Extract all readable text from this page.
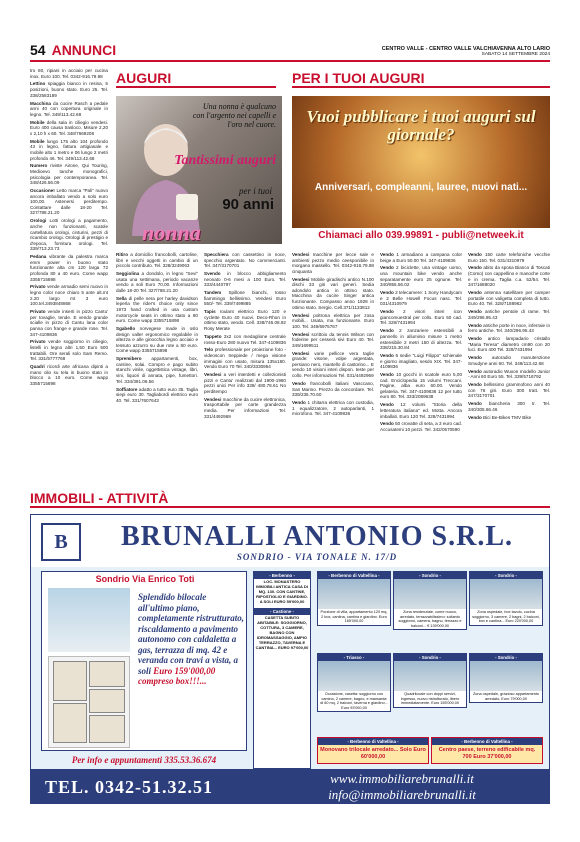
54 ANNUNCI	CENTRO VALLE - CENTRO VALLE VALCHIAVENNA ALTO LARIO
SABATO 14 SETTEMBRE 2024

tro 80, ripiani in acciaio per cucina inox. Euro 100. Tel. 0342-916.79.98

Lettino spiaggia bianco in resina, 5 posizioni, buono stato. Euro 25. Tel. 338/2583189

Macchina da cucire Rasch a pedale anni 40 con copertura originale in legno. Tel. 349/113.42.68

Mobile della sala in ciliegio vendesi. Euro 400 causa trasloco. Misure 2,20 x 2,10 h x 60. Tel. 348/7669208

Mobile lungo 175 alto 104 profondo 43 in legno, fattura artigianale e mobile alto 1 metro e 06 lungo 2 metri profondo 46. Tel. 349/113.42.68

Numero riviste Airone, Qui Touring, Medioevo tanche monografici, psicologia per contemporanea. Tel. 348/426.56.09

Occasione! Letto marca "Pali" nuovo ancora imballato vendo a solo euro 100,00. Astenersi perditempo. Contattare dalle 18-20 Tel. 327/788.21.20

Orologi Lotti orologi a pagamento, anche non funzionanti, scatole cartellatura orologi, cinturini, pezzi di ricambio orologi. Orologi di prestigio e d'epoca, fornitura orologi. Tel. 339/713.23.73

Pedana vibrante da palestra marca emm power in buono stato funzionante alta cm 120 larga 72 profonda 80 a 40 euro. Come wapp 3355715898

Privato vende armadio semi nuovo in legno color noce chiaro 5 ante alt.mt 2.20 largo mt 3 euro 100.tel.3493848868

Privato vende inserti in pizzo Cantu' per tovaglie, tende. E vendo grande scialle in pizzo di Cantu lana color panna con frange e grande rose. Tel. 347-4109836

Privato vende soggiorno in ciliegio, listelli in legno altri 1,50 Euro 500 trattabili. Ore serali solo Sam Remo. Tel. 331/5777768

Quadri ricordi arte africana dipinti a mano olio su tela in buono stato in blocco a 10 euro. Come wapp 3355715898

AUGURI
Una nonna è qualcuno con l'argento nei capelli e l'oro nel cuore.
Tantissimi auguri
per i tuoi
90 anni
nonna
PER I TUOI AUGURI
Vuoi pubblicare i tuoi auguri sul giornale?
Anniversari, compleanni, lauree, nuovi nati...
Chiamaci allo 039.99891 - publi@netweek.it

Ritiro a domicilio francobolli, cartoline, libri e vecchi oggetti in cambio di un piccolo contributo. Tel. 328/3249063

Seggiolina a dondolo, in legno "Sevi" usata una settimana, periodo vacanze vendo a soli Euro 70,00. Informazioni dalle 18-20 Tel. 327/788.21.20

Sella di pelle nera per harley davidson leperla the rider's choice only since 1973 hand crafted in usa custom motorcycle seats in ottimo stato a 80 euro. Come wapp 3355715898

Sgabello norvegese made in oslo design valler ergonomico regolabile in altezza e alle ginocchia legno acciaio e tessuto azzurro su due rote a 80 euro. Come wapp 3355715898

Spremibero appartamenti, box, cantine, solai. Compro e pago subito stanchi vinile, oggettistica vintage, libri, vini, liquori di annata, pipe, fumettori. Tel. 334/391.06.56

Soffiatore adatto a tutto euro 35. Taglia siepi euro 30. Tagliabordi elettrico euro 40. Tel. 331/7607643

Specchiera con cassettino in noce, specchio argentato. No commercianti. Tel. 347/3170701

Svendo in blocco abbigliamento neonato 0-6 mesi a 100 Euro. Tel. 333/4440797

Tandem Spillone bianchi, tosso fiammingo bellissimo. Vendesi Euro 550/- Tel. 339/7499885

Tapis roulant elettrico Euro 120 e cyclette Euro 40 nuovi. Deco-Rhon in ottimo stato, vendo. Cell. 338/746.08.92 Rosy Merate

Tappeto 3x2 con medaglione centrale rosso-Euro 280 nuovo Tel. 347-4109836

Telo professionale per proiezione foto - videoscon treppiede / mega visione immagini con usato, misura 135x180. Vendo Euro 70 Tel. 340/3330954

Vendesi a veri interdetti e collezionisti pizzi e Cantu' realizzati dal 1900-1960 pezzi unici Per info 338/ 480.78.61 No perditempo

Vendesi macchine da cucire elettronica, trasportabile per carte grandezza media. Per informazioni Tel. 331/4492969

Vendesi macchine per lecce sale e ambienti pezzo medio ceesponibile in morgano massello. Tel. 0342-916.79.98 cinquanta

Vendesi Mobile giradischi antico N.100 dischi 33 giri vari generi. Sedia adondolo antica in ottimo stato. Macchina da cucire Singer antica funzionante. Compasso anno 1928 in ottimo stato. Sergio. Cell.371/1133812

Vendesi poltrona elettrica per zosa mobili... Usata, ma funzionante. Euro 100. Tel. 349/6975767

Vendesi scrittoio da tennis Wilson con foderine per cesserà sivi Euro 40. Tel. 349/1699511

Vendesi varie pellicce vera taglie grande: visone, volpe argentata, persiano nero, mantello di castorino... E vendo 10 visioni interi dispon. teste per collo. Per informazioni Tel. 031/4492969

Vendo francobolli italiani Vasccano, San Marino. Prezzo da concordare. Tel. 339/236.70.60

Vendo 1 chitarra elettrica con custodia, 1 equalizzatore, 2 autoparlanti, 1 microfono. Tel. 347-4109836

Vendo 1 armadiano a campana color beige a Euro 50.00 Tel. 347-4109836

Vendo 2 biciclette, una vintage uomo, una mountain bike vendo anche separatamente euro 25 ognune. Tel. 340/855.56.02

Vendo 2 telecamere: 1 Sony Handycam e 2 Belle Howell Focus nasc. Tel. 031/4310979

Vendo 2 visori interi icon giancomuestral per collo. Euro 50 cad. Tel. 328/7431994

Vendo 2 zanzariere estensibili a pannello in alluminio misure 1 metro estensibile 2 metri 150 di altezza. Tel. 338/215.30.84

Vendo 6 sedie "Luigi Filippo" schienale e giorno imagliato, sesdo XIX. Tel. 347-4109836

Vendo 10 gocchi in scatole euro 5,00 cad. Enciclopedia 15 volumi Treccani. Pagine, alba euro 60.00. Vendo gelateria. Tel. 347-4109836 12 per tutto euro 80. Tel. 333/2089638

Vendo 12 volumi "Storia della letteratura italiana" ed. Motta. Ancora imballati. Euro 120 Tel. 328/7431994

Vendo 50 crovatte di seta, a 3 euro cad. Accusatemi 10 pezzi. Tel. 342/0570590

Vendo 150 carte telefoniche vecchie Euro 150. Tel. 031/4310979

Vendo abito da sposa Bianco di Toscati (Como) con cappellino e manoche corte e in crema. Taglia c.a. 52/54. Tel. 347/1688020

Vendo antenna satellitare per camper portatile con valigetta completa di tutto. Euro 40. Tel. 328/7188962

Vendo antiche pentole di rame. Tel. 349/296.95.43

Vendo antiche porte in noce, inferraie in ferro antiche. Tel. 340/296.95.43

Vendo antico lampadario cristallo "Maria Teresa" diametro cm90 con 20 luci. Euro 400 Tel. 328/7431994

Vendo autoradio manutenzione Smudyne anni 60. Tel. 349/113.42.68

Vendo autoradio Wuxon modello Junior - Anni 60 Euro 55. Tel. 339/5716792

Vendo bellissimo grammofono anni 40 con 76 giri. Euro 300 tratt. Tel. 347/3170701

Vendo biancheria 300 tr. Tel. 340/305.66.46

Vendo Bici Be-Bikes TMV Bike

IMMOBILI - ATTIVITÀ
B	BRUNALLI ANTONIO S.R.L.
SONDRIO - VIA TONALE N. 17/D
Sondrio Via Enrico Toti
Splendido bilocale all'ultimo piano, completamente ristrutturato, riscaldamento a pavimento autonomo con caldaletta a gas, terrazza di mq. 42 e veranda con travi a vista, a soli Euro 159'000,00 compreso box!!!...
Per info e appuntamenti 335.53.36.674
- Berbenno -
LOC. MONASTERO IMMOBILI ANTICA CASA DI MQ. 130. CON CANTINE, RIPOSTIGLIO E GIARDINO. A SOLI EURO 59'000,00
- Castione -
CASETTA SUBITO ABITABILE: SOGGIORNO, COTTURA, 3 CAMERE, BAGNO CON IDROMASSAGGIO, AMPIO TERRAZZO, TAVERNA E CANTINA... EURO 97'000,00
- Berbenno di Valtellina -
Porzione di villa, appartamento 120 mq, 2 box, cantina, cantina e giardino. Euro 165'000,00
- Sondrio -
Zona residenziale, come nuovo, arredato, terrazzabilissimo: soltanto soggiorno, camera, bagno, terrazzo e balconi... € 139'000,00
- Sondrio -
Zona ospedale, box tavolo, cucina soggiorno, 3 camere, 2 bagni, 2 balconi, box e cantina... Euro 220'000,00
- Triasso -
Occasione, casetta: soggiorno con camino, 2 camere, bagno, e mansarda di 60 mq, 2 balconi, taverna e giardino... Euro 93'000,00
- Sondrio -
Quadrilocale con doppi servizi, ingresso, nuovo ristrutturato, libero immediatamente. Euro 155'000,00
- Sondrio -
Zona ospedale, grazioso appartamento arredato, Euro 79'000,00
- Berbenno di Valtellina -
Monovano trilocale arredato... Solo Euro 60'000,00
- Berbenno di Valtellina -
Centro paese, terreno edificabile mq. 700 Euro 37'000,00
TEL. 0342-51.32.51	www.immobiliarebrunalli.it
info@immobiliarebrunalli.it
